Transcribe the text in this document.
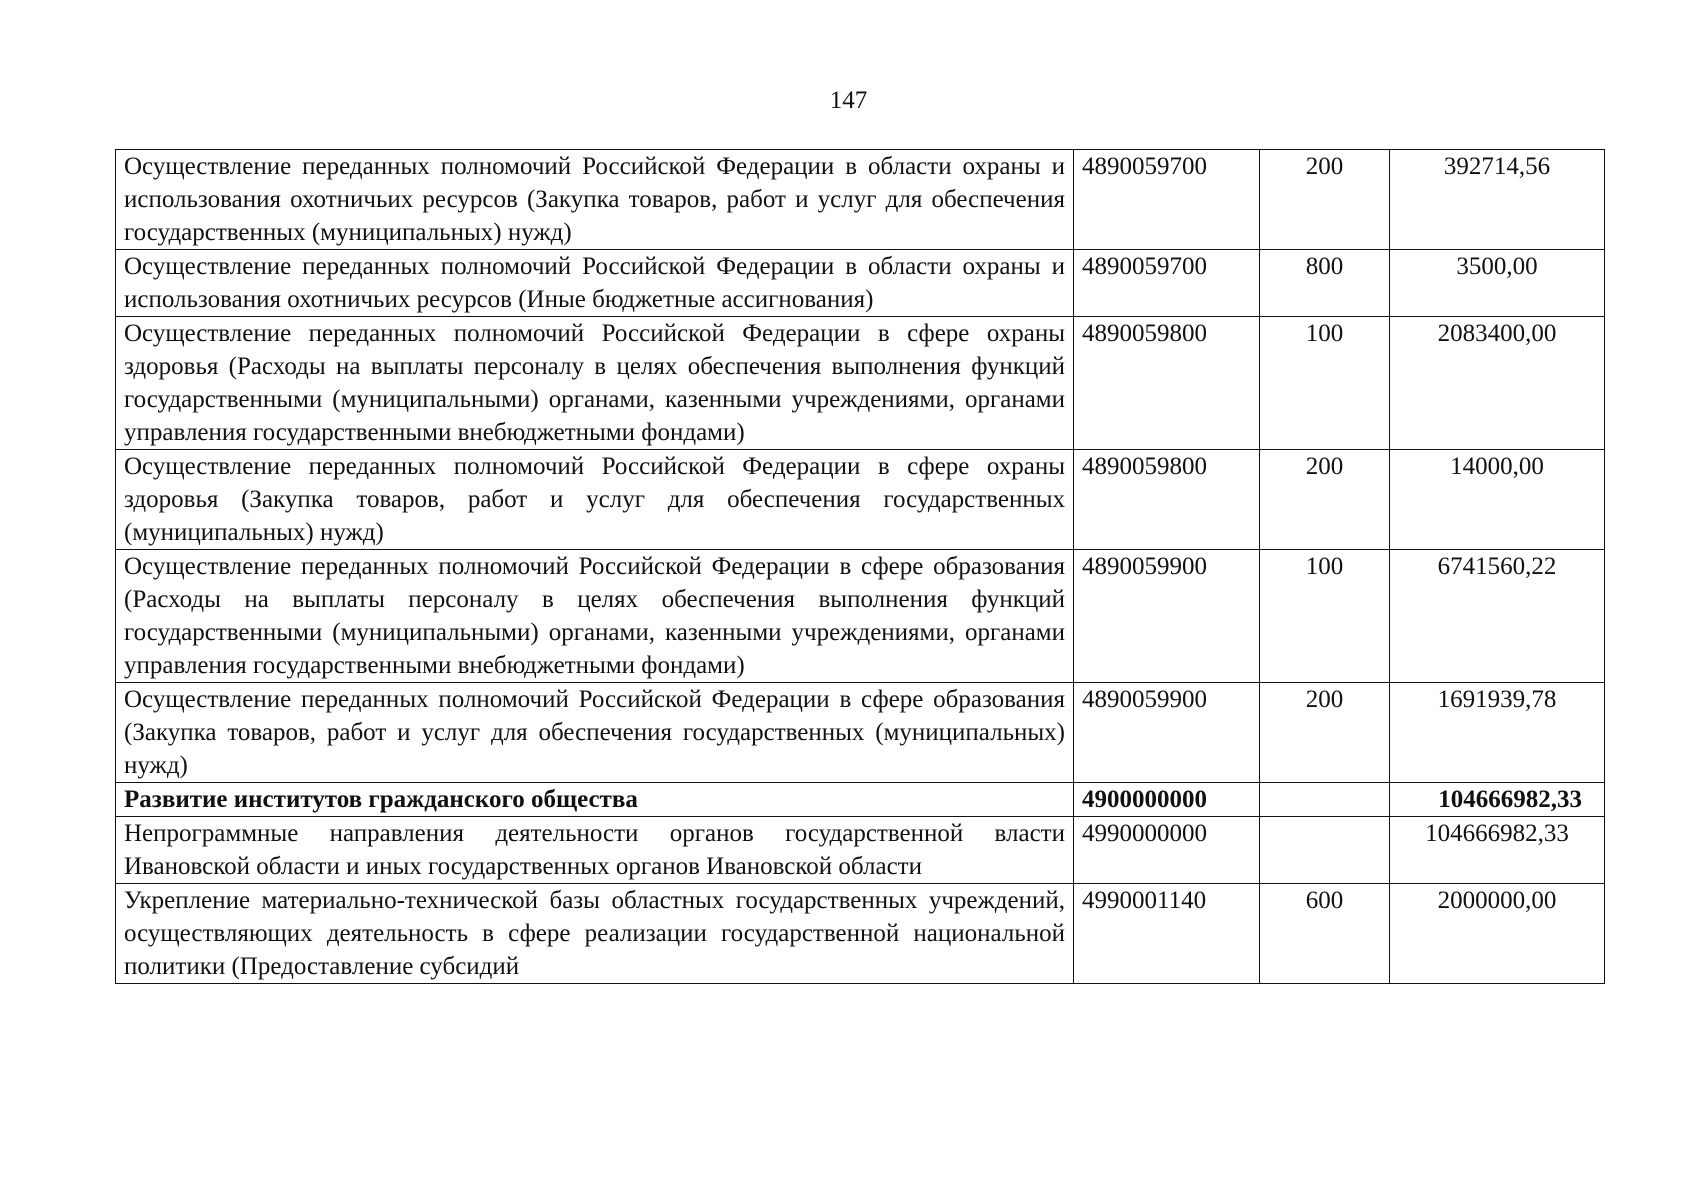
147
Осуществление переданных полномочий Российской Федерации в области охраны и использования охотничьих ресурсов (Закупка товаров, работ и услуг для обеспечения государственных (муниципальных) нужд)	4890059700	200	392714,56
Осуществление переданных полномочий Российской Федерации в области охраны и использования охотничьих ресурсов (Иные бюджетные ассигнования)	4890059700	800	3500,00
Осуществление переданных полномочий Российской Федерации в сфере охраны здоровья (Расходы на выплаты персоналу в целях обеспечения выполнения функций государственными (муниципальными) органами, казенными учреждениями, органами управления государственными внебюджетными фондами)	4890059800	100	2083400,00
Осуществление переданных полномочий Российской Федерации в сфере охраны здоровья (Закупка товаров, работ и услуг для обеспечения государственных (муниципальных) нужд)	4890059800	200	14000,00
Осуществление переданных полномочий Российской Федерации в сфере образования (Расходы на выплаты персоналу в целях обеспечения выполнения функций государственными (муниципальными) органами, казенными учреждениями, органами управления государственными внебюджетными фондами)	4890059900	100	6741560,22
Осуществление переданных полномочий Российской Федерации в сфере образования (Закупка товаров, работ и услуг для обеспечения государственных (муниципальных) нужд)	4890059900	200	1691939,78
Развитие институтов гражданского общества	4900000000		104666982,33
Непрограммные направления деятельности органов государственной власти Ивановской области и иных государственных органов Ивановской области	4990000000		104666982,33
Укрепление материально-технической базы областных государственных учреждений, осуществляющих деятельность в сфере реализации государственной национальной политики (Предоставление субсидий	4990001140	600	2000000,00
